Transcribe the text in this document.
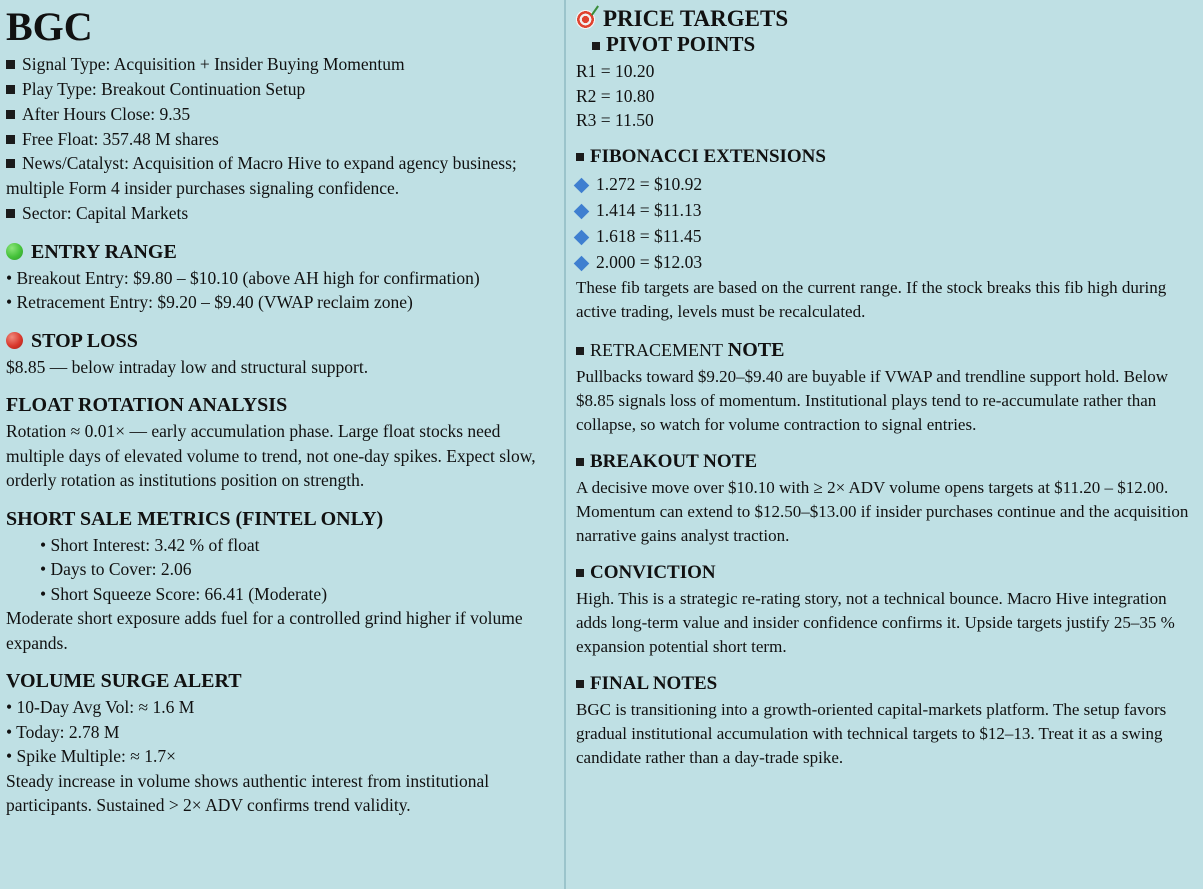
BGC
Signal Type: Acquisition + Insider Buying Momentum
Play Type: Breakout Continuation Setup
After Hours Close: 9.35
Free Float: 357.48 M shares
News/Catalyst: Acquisition of Macro Hive to expand agency business; multiple Form 4 insider purchases signaling confidence.
Sector: Capital Markets
ENTRY RANGE

• Breakout Entry: $9.80 – $10.10 (above AH high for confirmation)

• Retracement Entry: $9.20 – $9.40 (VWAP reclaim zone)

STOP LOSS

$8.85 — below intraday low and structural support.

FLOAT ROTATION ANALYSIS

Rotation ≈ 0.01× — early accumulation phase. Large float stocks need multiple days of elevated volume to trend, not one-day spikes. Expect slow, orderly rotation as institutions position on strength.

SHORT SALE METRICS (FINTEL ONLY)

• Short Interest: 3.42 % of float

• Days to Cover: 2.06

• Short Squeeze Score: 66.41 (Moderate)

Moderate short exposure adds fuel for a controlled grind higher if volume expands.

VOLUME SURGE ALERT

• 10-Day Avg Vol: ≈ 1.6 M

• Today: 2.78 M

• Spike Multiple: ≈ 1.7×

Steady increase in volume shows authentic interest from institutional participants. Sustained > 2× ADV confirms trend validity.

PRICE TARGETS
PIVOT POINTS

R1 = 10.20

R2 = 10.80

R3 = 11.50

FIBONACCI EXTENSIONS

1.272 = $10.92

1.414 = $11.13

1.618 = $11.45

2.000 = $12.03

These fib targets are based on the current range. If the stock breaks this fib high during active trading, levels must be recalculated.

RETRACEMENT NOTE

Pullbacks toward $9.20–$9.40 are buyable if VWAP and trendline support hold. Below $8.85 signals loss of momentum. Institutional plays tend to re-accumulate rather than collapse, so watch for volume contraction to signal entries.

BREAKOUT NOTE

A decisive move over $10.10 with ≥ 2× ADV volume opens targets at $11.20 – $12.00. Momentum can extend to $12.50–$13.00 if insider purchases continue and the acquisition narrative gains analyst traction.

CONVICTION

High. This is a strategic re-rating story, not a technical bounce. Macro Hive integration adds long-term value and insider confidence confirms it. Upside targets justify 25–35 % expansion potential short term.

FINAL NOTES

BGC is transitioning into a growth-oriented capital-markets platform. The setup favors gradual institutional accumulation with technical targets to $12–13. Treat it as a swing candidate rather than a day-trade spike.
